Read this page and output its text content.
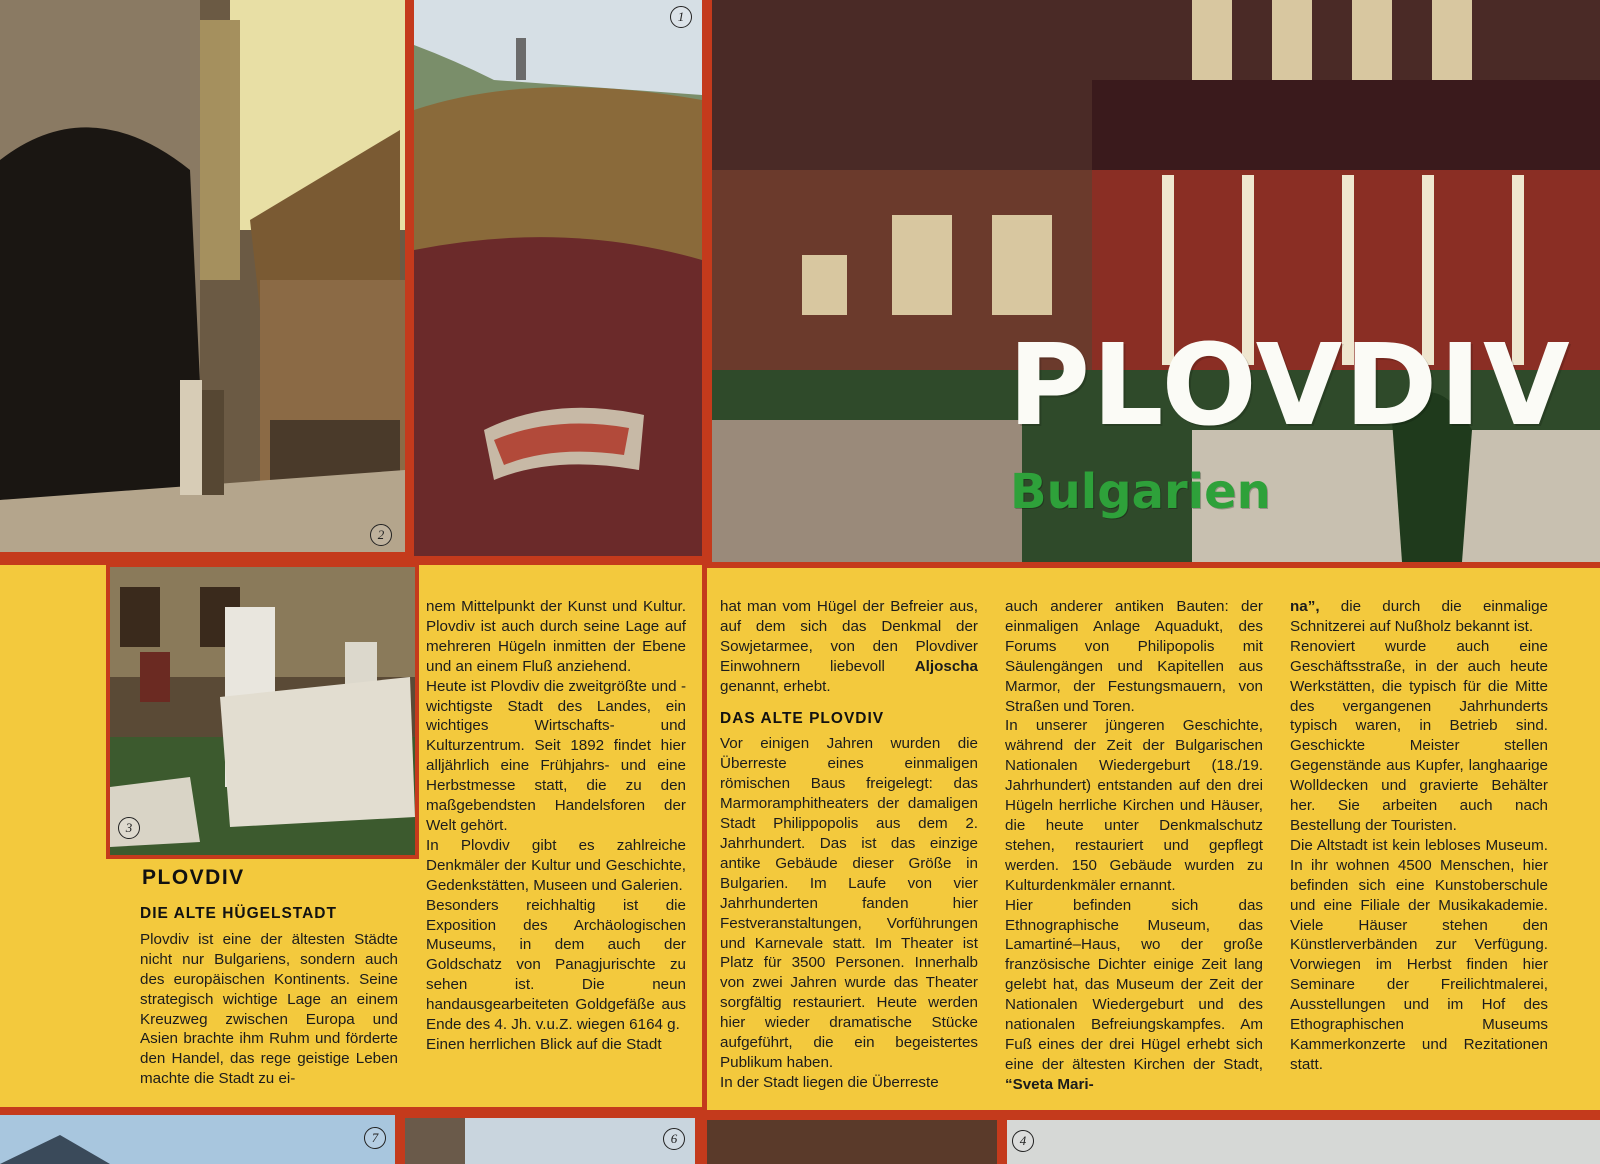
2
1
PLOVDIV
Bulgarien
3
PLOVDIV
DIE ALTE HÜGELSTADT

Plovdiv ist eine der ältesten Städte nicht nur Bulgariens, sondern auch des europäischen Kontinents. Seine strategisch wichtige Lage an einem Kreuzweg zwischen Europa und Asien brachte ihm Ruhm und förderte den Handel, das rege geistige Leben machte die Stadt zu ei-

nem Mittelpunkt der Kunst und Kultur. Plovdiv ist auch durch seine Lage auf mehreren Hügeln inmitten der Ebene und an einem Fluß anziehend.

Heute ist Plovdiv die zweitgrößte und -wichtigste Stadt des Landes, ein wichtiges Wirtschafts- und Kulturzentrum. Seit 1892 findet hier alljährlich eine Frühjahrs- und eine Herbstmesse statt, die zu den maßgebendsten Handelsforen der Welt gehört.

In Plovdiv gibt es zahlreiche Denkmäler der Kultur und Geschichte, Gedenkstätten, Museen und Galerien.

Besonders reichhaltig ist die Exposition des Archäologischen Museums, in dem auch der Goldschatz von Panagjurischte zu sehen ist. Die neun handausgearbeiteten Goldgefäße aus Ende des 4. Jh. v.u.Z. wiegen 6164 g.

Einen herrlichen Blick auf die Stadt

hat man vom Hügel der Befreier aus, auf dem sich das Denkmal der Sowjetarmee, von den Plovdiver Einwohnern liebevoll Aljoscha genannt, erhebt.

DAS ALTE PLOVDIV

Vor einigen Jahren wurden die Überreste eines einmaligen römischen Baus freigelegt: das Marmoramphitheaters der damaligen Stadt Philippopolis aus dem 2. Jahrhundert. Das ist das einzige antike Gebäude dieser Größe in Bulgarien. Im Laufe von vier Jahrhunderten fanden hier Festveranstaltungen, Vorführungen und Karnevale statt. Im Theater ist Platz für 3500 Personen. Innerhalb von zwei Jahren wurde das Theater sorgfältig restauriert. Heute werden hier wieder dramatische Stücke aufgeführt, die ein begeistertes Publikum haben.

In der Stadt liegen die Überreste

auch anderer antiken Bauten: der einmaligen Anlage Aquadukt, des Forums von Philipopolis mit Säulengängen und Kapitellen aus Marmor, der Festungsmauern, von Straßen und Toren.

In unserer jüngeren Geschichte, während der Zeit der Bulgarischen Nationalen Wiedergeburt (18./19. Jahrhundert) entstanden auf den drei Hügeln herrliche Kirchen und Häuser, die heute unter Denkmalschutz stehen, restauriert und gepflegt werden. 150 Gebäude wurden zu Kulturdenkmäler ernannt.

Hier befinden sich das Ethnographische Museum, das Lamartiné–Haus, wo der große französische Dichter einige Zeit lang gelebt hat, das Museum der Zeit der Nationalen Wiedergeburt und des nationalen Befreiungskampfes. Am Fuß eines der drei Hügel erhebt sich eine der ältesten Kirchen der Stadt, “Sveta Mari-

na”, die durch die einmalige Schnitzerei auf Nußholz bekannt ist.

Renoviert wurde auch eine Geschäftsstraße, in der auch heute Werkstätten, die typisch für die Mitte des vergangenen Jahrhunderts typisch waren, in Betrieb sind. Geschickte Meister stellen Gegenstände aus Kupfer, langhaarige Wolldecken und gravierte Behälter her. Sie arbeiten auch nach Bestellung der Touristen.

Die Altstadt ist kein lebloses Museum. In ihr wohnen 4500 Menschen, hier befinden sich eine Kunstoberschule und eine Filiale der Musikakademie. Viele Häuser stehen den Künstlerverbänden zur Verfügung. Vorwiegen im Herbst finden hier Seminare der Freilichtmalerei, Ausstellungen und im Hof des Ethographischen Museums Kammerkonzerte und Rezitationen statt.

7	6	4
